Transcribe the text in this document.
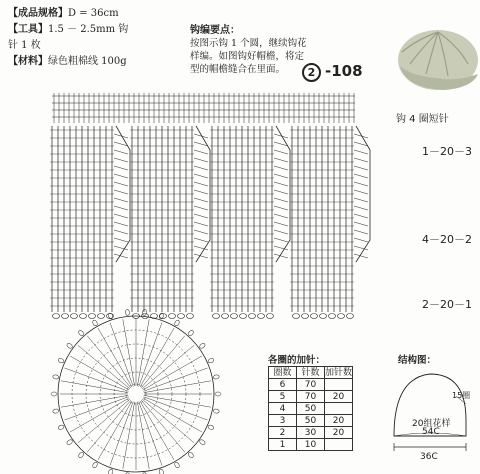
【成品规格】D = 36cm
【工具】1.5 － 2.5mm 钩
针 1 枚
【材料】绿色粗棉线 100g
钩编要点：
按图示钩 1 个圆，继续钩花样编。如图钩好帽檐，将定型的帽檐缝合在里面。	2 -108
钩 4 圈短针
1－20－3
4－20－2
2－20－1
各圈的加针：
圈数	针数	加针数
6	70	
5	70	20
4	50	
3	50	20
2	30	20
1	10	
结构图：
20组花样
54C
15圈
36C
